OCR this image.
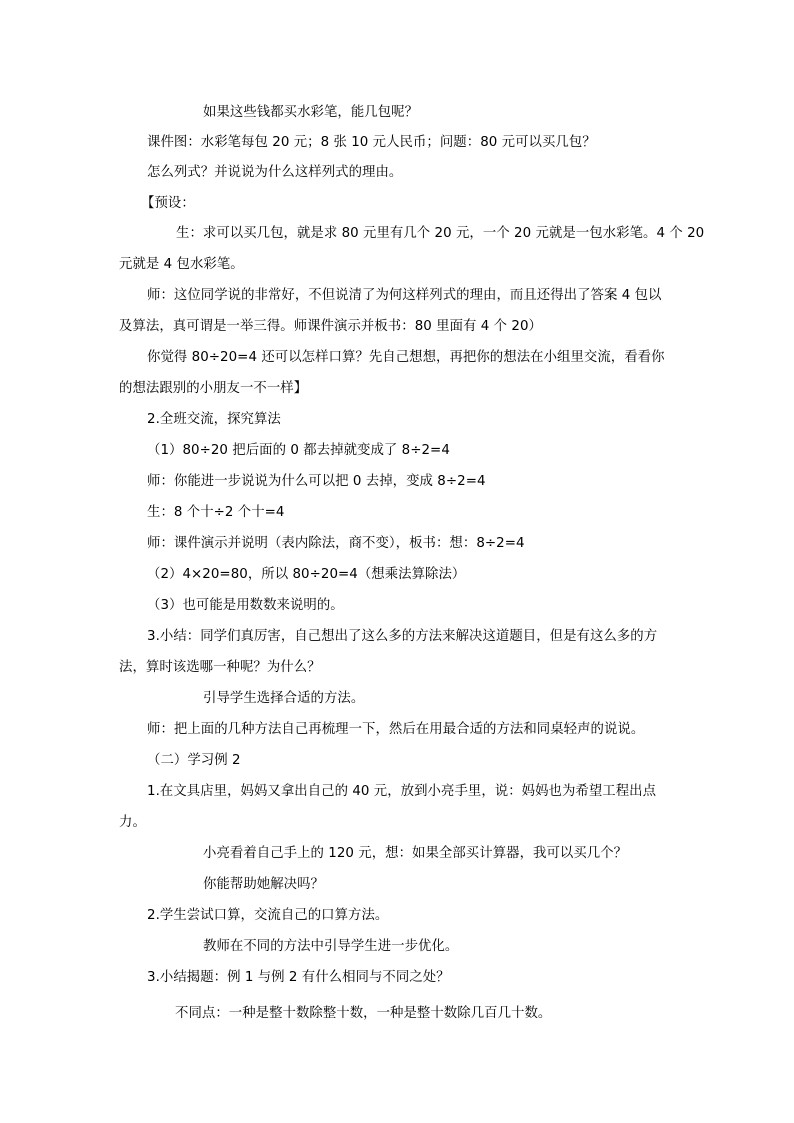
如果这些钱都买水彩笔，能几包呢？
课件图：水彩笔每包 20 元；8 张 10 元人民币；问题：80 元可以买几包？
怎么列式？并说说为什么这样列式的理由。
【预设：
生：求可以买几包，就是求 80 元里有几个 20 元，一个 20 元就是一包水彩笔。4 个 20
元就是 4 包水彩笔。
师：这位同学说的非常好，不但说清了为何这样列式的理由，而且还得出了答案 4 包以
及算法，真可谓是一举三得。师课件演示并板书：80 里面有 4 个 20）
你觉得 80÷20=4 还可以怎样口算？先自己想想，再把你的想法在小组里交流，看看你
的想法跟别的小朋友一不一样】
2.全班交流，探究算法
（1）80÷20 把后面的 0 都去掉就变成了 8÷2=4
师：你能进一步说说为什么可以把 0 去掉，变成 8÷2=4
生：8 个十÷2 个十=4
师：课件演示并说明（表内除法，商不变），板书：想：8÷2=4
（2）4×20=80，所以 80÷20=4（想乘法算除法）
（3）也可能是用数数来说明的。
3.小结：同学们真厉害，自己想出了这么多的方法来解决这道题目，但是有这么多的方
法，算时该选哪一种呢？为什么？
引导学生选择合适的方法。
师：把上面的几种方法自己再梳理一下，然后在用最合适的方法和同桌轻声的说说。
（二）学习例 2
1.在文具店里，妈妈又拿出自己的 40 元，放到小亮手里，说：妈妈也为希望工程出点
力。
小亮看着自己手上的 120 元，想：如果全部买计算器，我可以买几个？
你能帮助她解决吗？
2.学生尝试口算，交流自己的口算方法。
教师在不同的方法中引导学生进一步优化。
3.小结揭题：例 1 与例 2 有什么相同与不同之处？
不同点：一种是整十数除整十数，一种是整十数除几百几十数。
